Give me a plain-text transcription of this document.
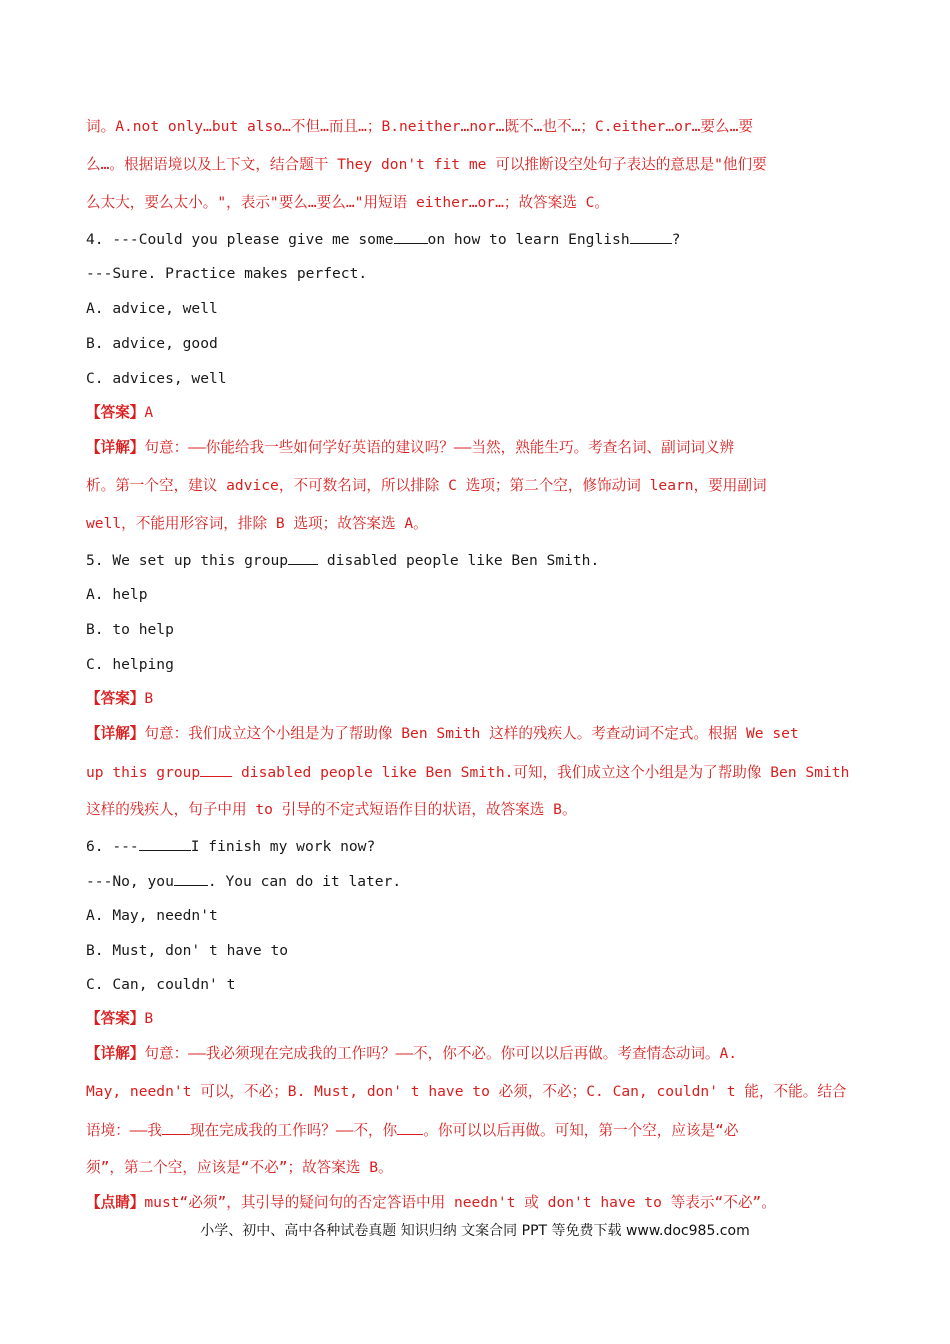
词。A.not only…but also…不但…而且…；B.neither…nor…既不…也不…；C.either…or…要么…要
么…。根据语境以及上下文，结合题干 They don't fit me 可以推断设空处句子表达的意思是"他们要
么太大，要么太小。"，表示"要么…要么…"用短语 either…or…；故答案选 C。
4. ---Could you please give me some on how to learn English	?
---Sure. Practice makes perfect.
A. advice, well
B. advice, good
C. advices, well
【答案】A
【详解】句意：——你能给我一些如何学好英语的建议吗？——当然，熟能生巧。考查名词、副词词义辨
析。第一个空，建议 advice，不可数名词，所以排除 C 选项；第二个空，修饰动词 learn，要用副词
well，不能用形容词，排除 B 选项；故答案选 A。
5. We set up this group disabled people like Ben Smith.
A. help
B. to help
C. helping
【答案】B
【详解】句意：我们成立这个小组是为了帮助像 Ben Smith 这样的残疾人。考查动词不定式。根据 We set
up this group disabled people like Ben Smith.可知，我们成立这个小组是为了帮助像 Ben Smith
这样的残疾人，句子中用 to 引导的不定式短语作目的状语，故答案选 B。
6. ---	I finish my work now?
---No, you . You can do it later.
A. May, needn't
B. Must, don' t have to
C. Can, couldn' t
【答案】B
【详解】句意：——我必须现在完成我的工作吗？——不，你不必。你可以以后再做。考查情态动词。A.
May, needn't 可以，不必；B. Must, don' t have to 必须，不必；C. Can, couldn' t 能，不能。结合
语境：——我 现在完成我的工作吗？——不，你 。你可以以后再做。可知，第一个空，应该是“必
须”，第二个空，应该是“不必”；故答案选 B。
【点睛】must“必须”，其引导的疑问句的否定答语中用 needn't 或 don't have to 等表示“不必”。
小学、初中、高中各种试卷真题 知识归纳 文案合同 PPT 等免费下载 www.doc985.com
